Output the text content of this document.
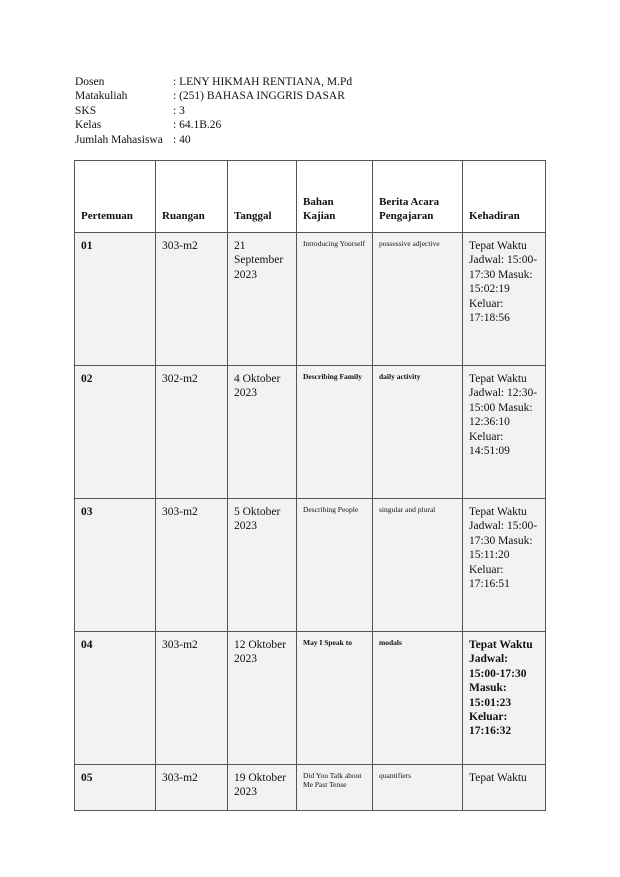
Dosen	: LENY HIKMAH RENTIANA, M.Pd
Matakuliah	: (251) BAHASA INGGRIS DASAR
SKS	: 3
Kelas	: 64.1B.26
Jumlah Mahasiswa : 40
Pertemuan	Ruangan	Tanggal	Bahan Kajian	Berita Acara Pengajaran	Kehadiran
01	303-m2	21 September 2023	Introducing Yourself	possessive adjective	Tepat Waktu Jadwal: 15:00-17:30 Masuk: 15:02:19 Keluar: 17:18:56
02	302-m2	4 Oktober 2023	Describing Family	daily activity	Tepat Waktu Jadwal: 12:30-15:00 Masuk: 12:36:10 Keluar: 14:51:09
03	303-m2	5 Oktober 2023	Describing People	singular and plural	Tepat Waktu Jadwal: 15:00-17:30 Masuk: 15:11:20 Keluar: 17:16:51
04	303-m2	12 Oktober 2023	May I Speak to	modals	Tepat Waktu Jadwal: 15:00-17:30 Masuk: 15:01:23 Keluar: 17:16:32
05	303-m2	19 Oktober 2023	Did You Talk about Me Past Tense	quantifiers	Tepat Waktu
